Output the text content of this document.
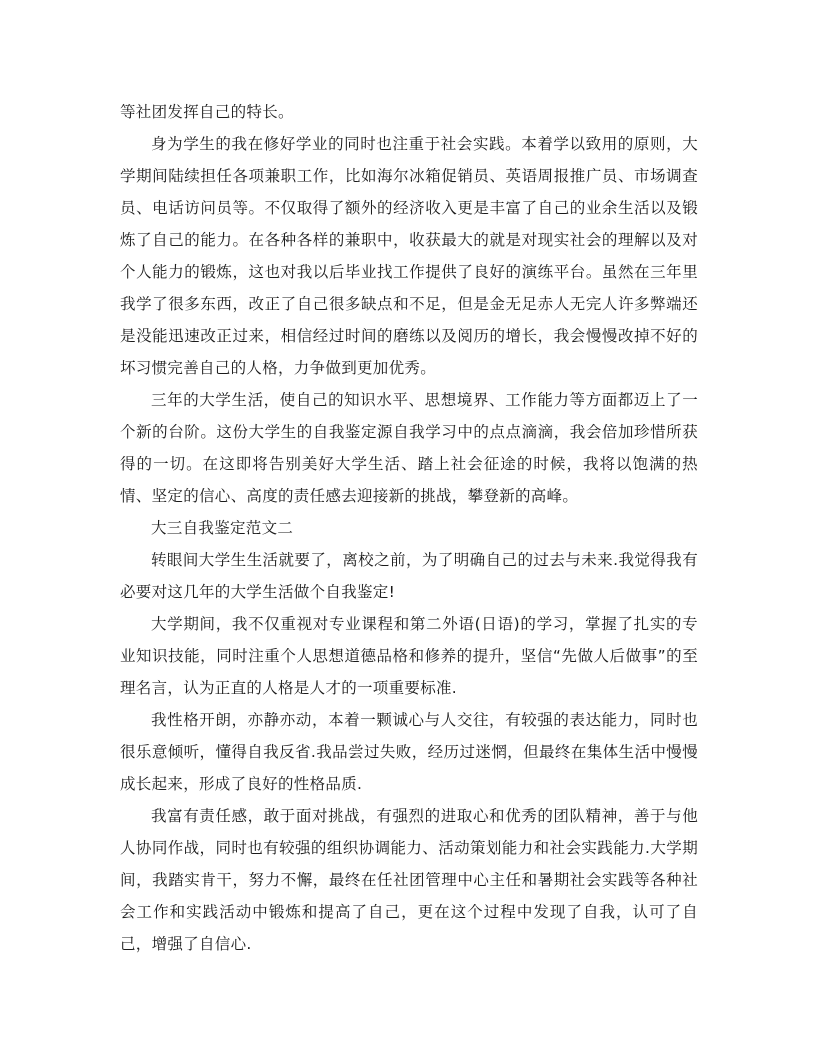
等社团发挥自己的特长。

身为学生的我在修好学业的同时也注重于社会实践。本着学以致用的原则，大学期间陆续担任各项兼职工作，比如海尔冰箱促销员、英语周报推广员、市场调查员、电话访问员等。不仅取得了额外的经济收入更是丰富了自己的业余生活以及锻炼了自己的能力。在各种各样的兼职中，收获最大的就是对现实社会的理解以及对个人能力的锻炼，这也对我以后毕业找工作提供了良好的演练平台。虽然在三年里我学了很多东西，改正了自己很多缺点和不足，但是金无足赤人无完人许多弊端还是没能迅速改正过来，相信经过时间的磨练以及阅历的增长，我会慢慢改掉不好的坏习惯完善自己的人格，力争做到更加优秀。

三年的大学生活，使自己的知识水平、思想境界、工作能力等方面都迈上了一个新的台阶。这份大学生的自我鉴定源自我学习中的点点滴滴，我会倍加珍惜所获得的一切。在这即将告别美好大学生活、踏上社会征途的时候，我将以饱满的热情、坚定的信心、高度的责任感去迎接新的挑战，攀登新的高峰。

大三自我鉴定范文二

转眼间大学生生活就要了，离校之前，为了明确自己的过去与未来.我觉得我有必要对这几年的大学生活做个自我鉴定!

大学期间，我不仅重视对专业课程和第二外语(日语)的学习，掌握了扎实的专业知识技能，同时注重个人思想道德品格和修养的提升，坚信“先做人后做事”的至理名言，认为正直的人格是人才的一项重要标准.

我性格开朗，亦静亦动，本着一颗诚心与人交往，有较强的表达能力，同时也很乐意倾听，懂得自我反省.我品尝过失败，经历过迷惘，但最终在集体生活中慢慢成长起来，形成了良好的性格品质.

我富有责任感，敢于面对挑战，有强烈的进取心和优秀的团队精神，善于与他人协同作战，同时也有较强的组织协调能力、活动策划能力和社会实践能力.大学期间，我踏实肯干，努力不懈，最终在任社团管理中心主任和暑期社会实践等各种社会工作和实践活动中锻炼和提高了自己，更在这个过程中发现了自我，认可了自己，增强了自信心.
